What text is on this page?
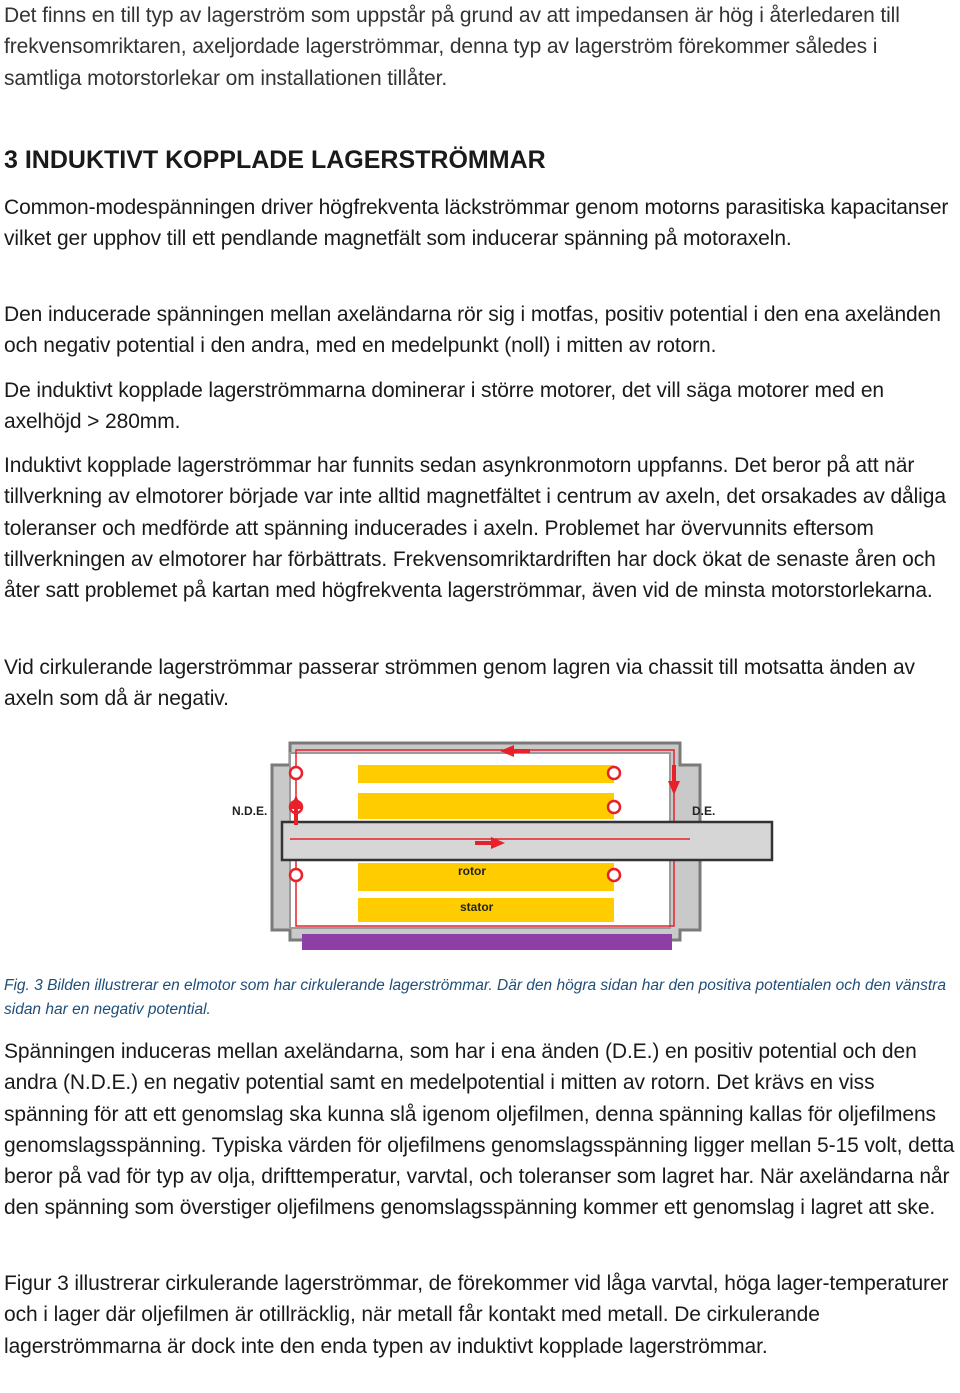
Det finns en till typ av lagerström som uppstår på grund av att impedansen är hög i återledaren till frekvensomriktaren, axeljordade lagerströmmar, denna typ av lagerström förekommer således i samtliga motorstorlekar om installationen tillåter.

3 INDUKTIVT KOPPLADE LAGERSTRÖMMAR

Common-modespänningen driver högfrekventa läckströmmar genom motorns parasitiska kapacitanser vilket ger upphov till ett pendlande magnetfält som inducerar spänning på motoraxeln.

Den inducerade spänningen mellan axeländarna rör sig i motfas, positiv potential i den ena axeländen och negativ potential i den andra, med en medelpunkt (noll) i mitten av rotorn.

De induktivt kopplade lagerströmmarna dominerar i större motorer, det vill säga motorer med en axelhöjd > 280mm.

Induktivt kopplade lagerströmmar har funnits sedan asynkronmotorn uppfanns. Det beror på att när tillverkning av elmotorer började var inte alltid magnetfältet i centrum av axeln, det orsakades av dåliga toleranser och medförde att spänning inducerades i axeln. Problemet har övervunnits eftersom tillverkningen av elmotorer har förbättrats. Frekvensomriktardriften har dock ökat de senaste åren och åter satt problemet på kartan med högfrekventa lagerströmmar, även vid de minsta motorstorlekarna.

Vid cirkulerande lagerströmmar passerar strömmen genom lagren via chassit till motsatta änden av axeln som då är negativ.

N.D.E.	D.E.
rotor
stator

Fig. 3 Bilden illustrerar en elmotor som har cirkulerande lagerströmmar. Där den högra sidan har den positiva potentialen och den vänstra sidan har en negativ potential.

Spänningen induceras mellan axeländarna, som har i ena änden (D.E.) en positiv potential och den andra (N.D.E.) en negativ potential samt en medelpotential i mitten av rotorn. Det krävs en viss spänning för att ett genomslag ska kunna slå igenom oljefilmen, denna spänning kallas för oljefilmens genomslagsspänning. Typiska värden för oljefilmens genomslagsspänning ligger mellan 5-15 volt, detta beror på vad för typ av olja, drifttemperatur, varvtal, och toleranser som lagret har. När axeländarna når den spänning som överstiger oljefilmens genomslagsspänning kommer ett genomslag i lagret att ske.

Figur 3 illustrerar cirkulerande lagerströmmar, de förekommer vid låga varvtal, höga lager-temperaturer och i lager där oljefilmen är otillräcklig, när metall får kontakt med metall. De cirkulerande lagerströmmarna är dock inte den enda typen av induktivt kopplade lagerströmmar.
